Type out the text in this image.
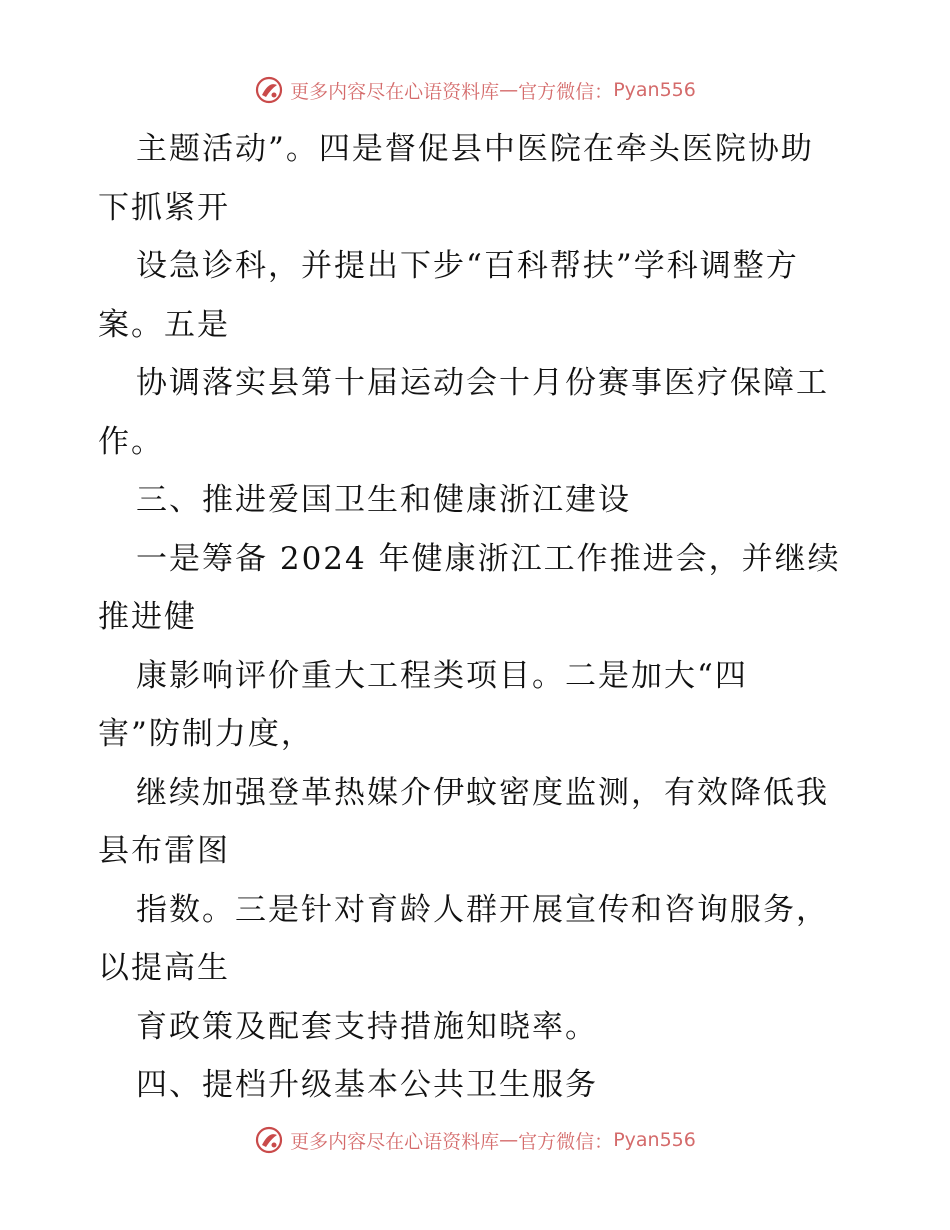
更多内容尽在心语资料库 — 官方微信： Pyan556

主题活动”。四是督促县中医院在牵头医院协助
下抓紧开

设急诊科，并提出下步“百科帮扶”学科调整方
案。五是

协调落实县第十届运动会十月份赛事医疗保障工
作。

三、推进爱国卫生和健康浙江建设

一是筹备 2024 年健康浙江工作推进会，并继续
推进健

康影响评价重大工程类项目。二是加大“四
害”防制力度，

继续加强登革热媒介伊蚊密度监测，有效降低我
县布雷图

指数。三是针对育龄人群开展宣传和咨询服务，
以提高生

育政策及配套支持措施知晓率。

四、提档升级基本公共卫生服务

更多内容尽在心语资料库 — 官方微信： Pyan556
